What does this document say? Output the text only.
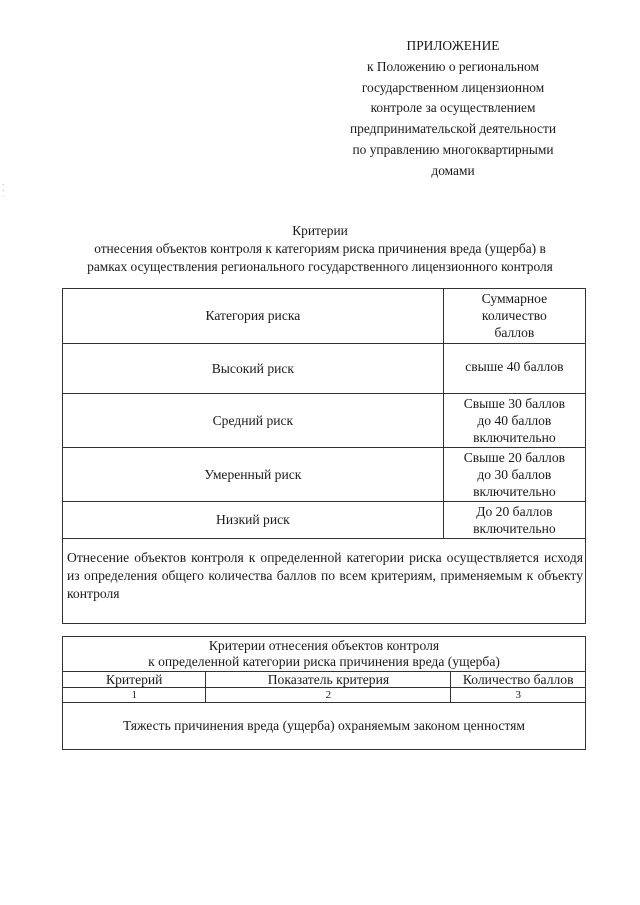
ПРИЛОЖЕНИЕ
к Положению о региональном
государственном лицензионном
контроле за осуществлением
предпринимательской деятельности
по управлению многоквартирными
домами
·
·
·
Критерии
отнесения объектов контроля к категориям риска причинения вреда (ущерба) в
рамках осуществления регионального государственного лицензионного контроля
Категория риска	Суммарное
количество
баллов

Высокий риск	свыше 40 баллов

Средний риск	Свыше 30 баллов
до 40 баллов
включительно

Умеренный риск	Свыше 20 баллов
до 30 баллов
включительно

Низкий риск	До 20 баллов
включительно

Отнесение объектов контроля к определенной категории риска осуществляется исходя из определения общего количества баллов по всем критериям, применяемым к объекту контроля	
Критерии отнесения объектов контроля
к определенной категории риска причинения вреда (ущерба)		

Критерий	Показатель критерия	Количество баллов
1	2	3
Тяжесть причинения вреда (ущерба) охраняемым законом ценностям		
